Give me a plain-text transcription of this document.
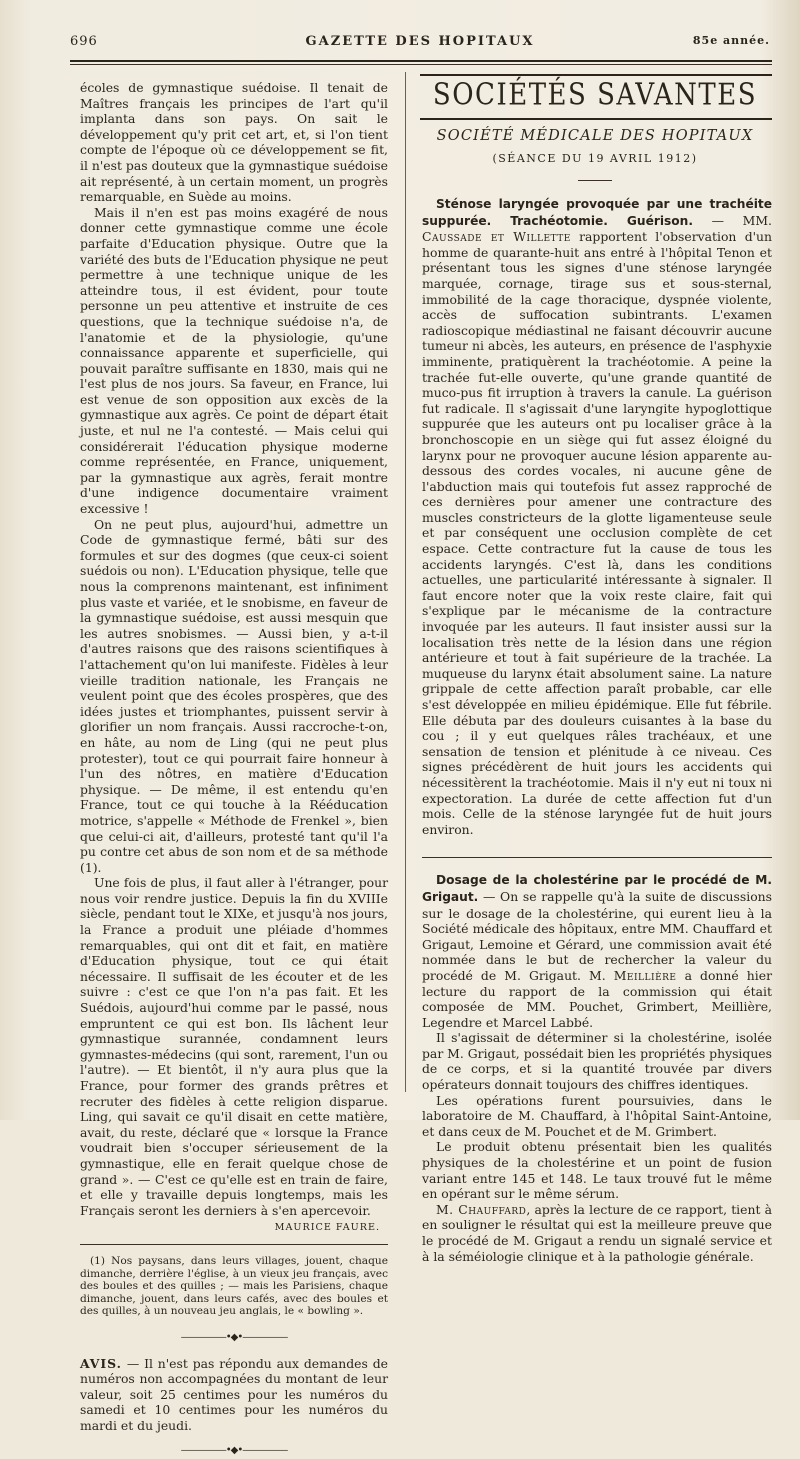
696	GAZETTE DES HOPITAUX	85e année.

écoles de gymnastique suédoise. Il tenait de Maîtres français les principes de l'art qu'il implanta dans son pays. On sait le développement qu'y prit cet art, et, si l'on tient compte de l'époque où ce développement se fit, il n'est pas douteux que la gymnastique suédoise ait représenté, à un certain moment, un progrès remarquable, en Suède au moins.

Mais il n'en est pas moins exagéré de nous donner cette gymnastique comme une école parfaite d'Education physique. Outre que la variété des buts de l'Education physique ne peut permettre à une technique unique de les atteindre tous, il est évident, pour toute personne un peu attentive et instruite de ces questions, que la technique suédoise n'a, de l'anatomie et de la physiologie, qu'une connaissance apparente et superficielle, qui pouvait paraître suffisante en 1830, mais qui ne l'est plus de nos jours. Sa faveur, en France, lui est venue de son opposition aux excès de la gymnastique aux agrès. Ce point de départ était juste, et nul ne l'a contesté. — Mais celui qui considérerait l'éducation physique moderne comme représentée, en France, uniquement, par la gymnastique aux agrès, ferait montre d'une indigence documentaire vraiment excessive !

On ne peut plus, aujourd'hui, admettre un Code de gymnastique fermé, bâti sur des formules et sur des dogmes (que ceux-ci soient suédois ou non). L'Education physique, telle que nous la comprenons maintenant, est infiniment plus vaste et variée, et le snobisme, en faveur de la gymnastique suédoise, est aussi mesquin que les autres snobismes. — Aussi bien, y a-t-il d'autres raisons que des raisons scientifiques à l'attachement qu'on lui manifeste. Fidèles à leur vieille tradition nationale, les Français ne veulent point que des écoles prospères, que des idées justes et triomphantes, puissent servir à glorifier un nom français. Aussi raccroche-t-on, en hâte, au nom de Ling (qui ne peut plus protester), tout ce qui pourrait faire honneur à l'un des nôtres, en matière d'Education physique. — De même, il est entendu qu'en France, tout ce qui touche à la Rééducation motrice, s'appelle « Méthode de Frenkel », bien que celui-ci ait, d'ailleurs, protesté tant qu'il l'a pu contre cet abus de son nom et de sa méthode (1).

Une fois de plus, il faut aller à l'étranger, pour nous voir rendre justice. Depuis la fin du XVIIIe siècle, pendant tout le XIXe, et jusqu'à nos jours, la France a produit une pléiade d'hommes remarquables, qui ont dit et fait, en matière d'Education physique, tout ce qui était nécessaire. Il suffisait de les écouter et de les suivre : c'est ce que l'on n'a pas fait. Et les Suédois, aujourd'hui comme par le passé, nous empruntent ce qui est bon. Ils lâchent leur gymnastique surannée, condamnent leurs gymnastes-médecins (qui sont, rarement, l'un ou l'autre). — Et bientôt, il n'y aura plus que la France, pour former des grands prêtres et recruter des fidèles à cette religion disparue. Ling, qui savait ce qu'il disait en cette matière, avait, du reste, déclaré que « lorsque la France voudrait bien s'occuper sérieusement de la gymnastique, elle en ferait quelque chose de grand ». — C'est ce qu'elle est en train de faire, et elle y travaille depuis longtemps, mais les Français seront les derniers à s'en apercevoir.

MAURICE FAURE.

(1) Nos paysans, dans leurs villages, jouent, chaque dimanche, derrière l'église, à un vieux jeu français, avec des boules et des quilles ; — mais les Parisiens, chaque dimanche, jouent, dans leurs cafés, avec des boules et des quilles, à un nouveau jeu anglais, le « bowling ».

—————•◆•—————
AVIS. — Il n'est pas répondu aux demandes de numéros non accompagnées du montant de leur valeur, soit 25 centimes pour les numéros du samedi et 10 centimes pour les numéros du mardi et du jeudi.
—————•◆•—————
SOCIÉTÉS SAVANTES
SOCIÉTÉ MÉDICALE DES HOPITAUX
(SÉANCE DU 19 AVRIL 1912)

Sténose laryngée provoquée par une trachéite suppurée. Trachéotomie. Guérison. — MM. Caussade et Willette rapportent l'observation d'un homme de quarante-huit ans entré à l'hôpital Tenon et présentant tous les signes d'une sténose laryngée marquée, cornage, tirage sus et sous-sternal, immobilité de la cage thoracique, dyspnée violente, accès de suffocation subintrants. L'examen radioscopique médiastinal ne faisant découvrir aucune tumeur ni abcès, les auteurs, en présence de l'asphyxie imminente, pratiquèrent la trachéotomie. A peine la trachée fut-elle ouverte, qu'une grande quantité de muco-pus fit irruption à travers la canule. La guérison fut radicale. Il s'agissait d'une laryngite hypoglottique suppurée que les auteurs ont pu localiser grâce à la bronchoscopie en un siège qui fut assez éloigné du larynx pour ne provoquer aucune lésion apparente au-dessous des cordes vocales, ni aucune gêne de l'abduction mais qui toutefois fut assez rapproché de ces dernières pour amener une contracture des muscles constricteurs de la glotte ligamenteuse seule et par conséquent une occlusion complète de cet espace. Cette contracture fut la cause de tous les accidents laryngés. C'est là, dans les conditions actuelles, une particularité intéressante à signaler. Il faut encore noter que la voix reste claire, fait qui s'explique par le mécanisme de la contracture invoquée par les auteurs. Il faut insister aussi sur la localisation très nette de la lésion dans une région antérieure et tout à fait supérieure de la trachée. La muqueuse du larynx était absolument saine. La nature grippale de cette affection paraît probable, car elle s'est développée en milieu épidémique. Elle fut fébrile. Elle débuta par des douleurs cuisantes à la base du cou ; il y eut quelques râles trachéaux, et une sensation de tension et plénitude à ce niveau. Ces signes précédèrent de huit jours les accidents qui nécessitèrent la trachéotomie. Mais il n'y eut ni toux ni expectoration. La durée de cette affection fut d'un mois. Celle de la sténose laryngée fut de huit jours environ.

Dosage de la cholestérine par le procédé de M. Grigaut. — On se rappelle qu'à la suite de discussions sur le dosage de la cholestérine, qui eurent lieu à la Société médicale des hôpitaux, entre MM. Chauffard et Grigaut, Lemoine et Gérard, une commission avait été nommée dans le but de rechercher la valeur du procédé de M. Grigaut. M. Meillière a donné hier lecture du rapport de la commission qui était composée de MM. Pouchet, Grimbert, Meillière, Legendre et Marcel Labbé.

Il s'agissait de déterminer si la cholestérine, isolée par M. Grigaut, possédait bien les propriétés physiques de ce corps, et si la quantité trouvée par divers opérateurs donnait toujours des chiffres identiques.

Les opérations furent poursuivies, dans le laboratoire de M. Chauffard, à l'hôpital Saint-Antoine, et dans ceux de M. Pouchet et de M. Grimbert.

Le produit obtenu présentait bien les qualités physiques de la cholestérine et un point de fusion variant entre 145 et 148. Le taux trouvé fut le même en opérant sur le même sérum.

M. Chauffard, après la lecture de ce rapport, tient à en souligner le résultat qui est la meilleure preuve que le procédé de M. Grigaut a rendu un signalé service et à la séméiologie clinique et à la pathologie générale.
